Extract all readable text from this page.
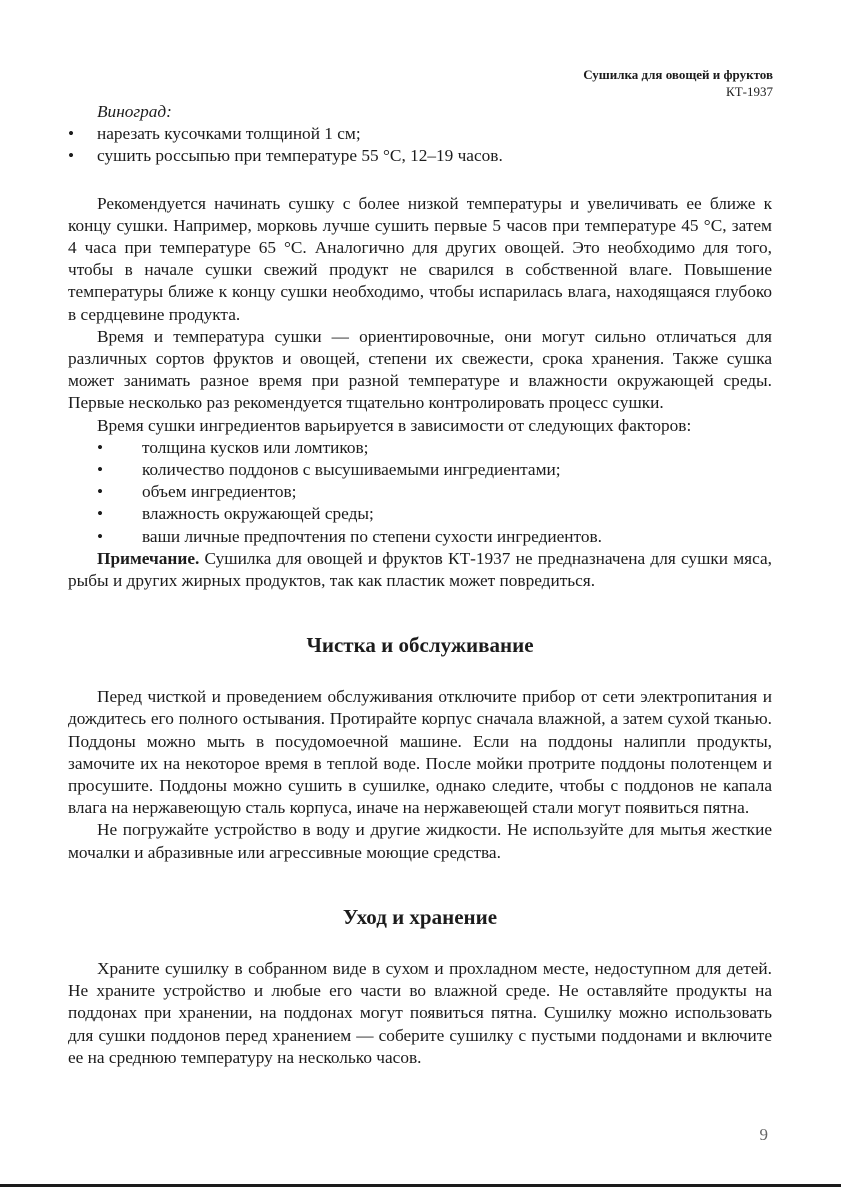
Сушилка для овощей и фруктов
КТ-1937

Виноград:

• нарезать кусочками толщиной 1 см;
• сушить россыпью при температуре 55 °С, 12–19 часов.

Рекомендуется начинать сушку с более низкой температуры и увеличивать ее ближе к концу сушки. Например, морковь лучше сушить первые 5 часов при температуре 45 °С, затем 4 часа при температуре 65 °С. Аналогично для других овощей. Это необходимо для того, чтобы в начале сушки свежий продукт не сварился в собственной влаге. Повышение температуры ближе к концу сушки необходимо, чтобы испарилась влага, находящаяся глубоко в сердцевине продукта.

Время и температура сушки — ориентировочные, они могут сильно отличаться для различных сортов фруктов и овощей, степени их свежести, срока хранения. Также сушка может занимать разное время при разной температуре и влажности окружающей среды. Первые несколько раз рекомендуется тщательно контролировать процесс сушки.

Время сушки ингредиентов варьируется в зависимости от следующих факторов:

• толщина кусков или ломтиков;
• количество поддонов с высушиваемыми ингредиентами;
• объем ингредиентов;
• влажность окружающей среды;
• ваши личные предпочтения по степени сухости ингредиентов.

Примечание. Сушилка для овощей и фруктов КТ-1937 не предназначена для сушки мяса, рыбы и других жирных продуктов, так как пластик может повредиться.

Чистка и обслуживание

Перед чисткой и проведением обслуживания отключите прибор от сети электропитания и дождитесь его полного остывания. Протирайте корпус сначала влажной, а затем сухой тканью. Поддоны можно мыть в посудомоечной машине. Если на поддоны налипли продукты, замочите их на некоторое время в теплой воде. После мойки протрите поддоны полотенцем и просушите. Поддоны можно сушить в сушилке, однако следите, чтобы с поддонов не капала влага на нержавеющую сталь корпуса, иначе на нержавеющей стали могут появиться пятна.

Не погружайте устройство в воду и другие жидкости. Не используйте для мытья жесткие мочалки и абразивные или агрессивные моющие средства.

Уход и хранение

Храните сушилку в собранном виде в сухом и прохладном месте, недоступном для детей. Не храните устройство и любые его части во влажной среде. Не оставляйте продукты на поддонах при хранении, на поддонах могут появиться пятна. Сушилку можно использовать для сушки поддонов перед хранением — соберите сушилку с пустыми поддонами и включите ее на среднюю температуру на несколько часов.

9
